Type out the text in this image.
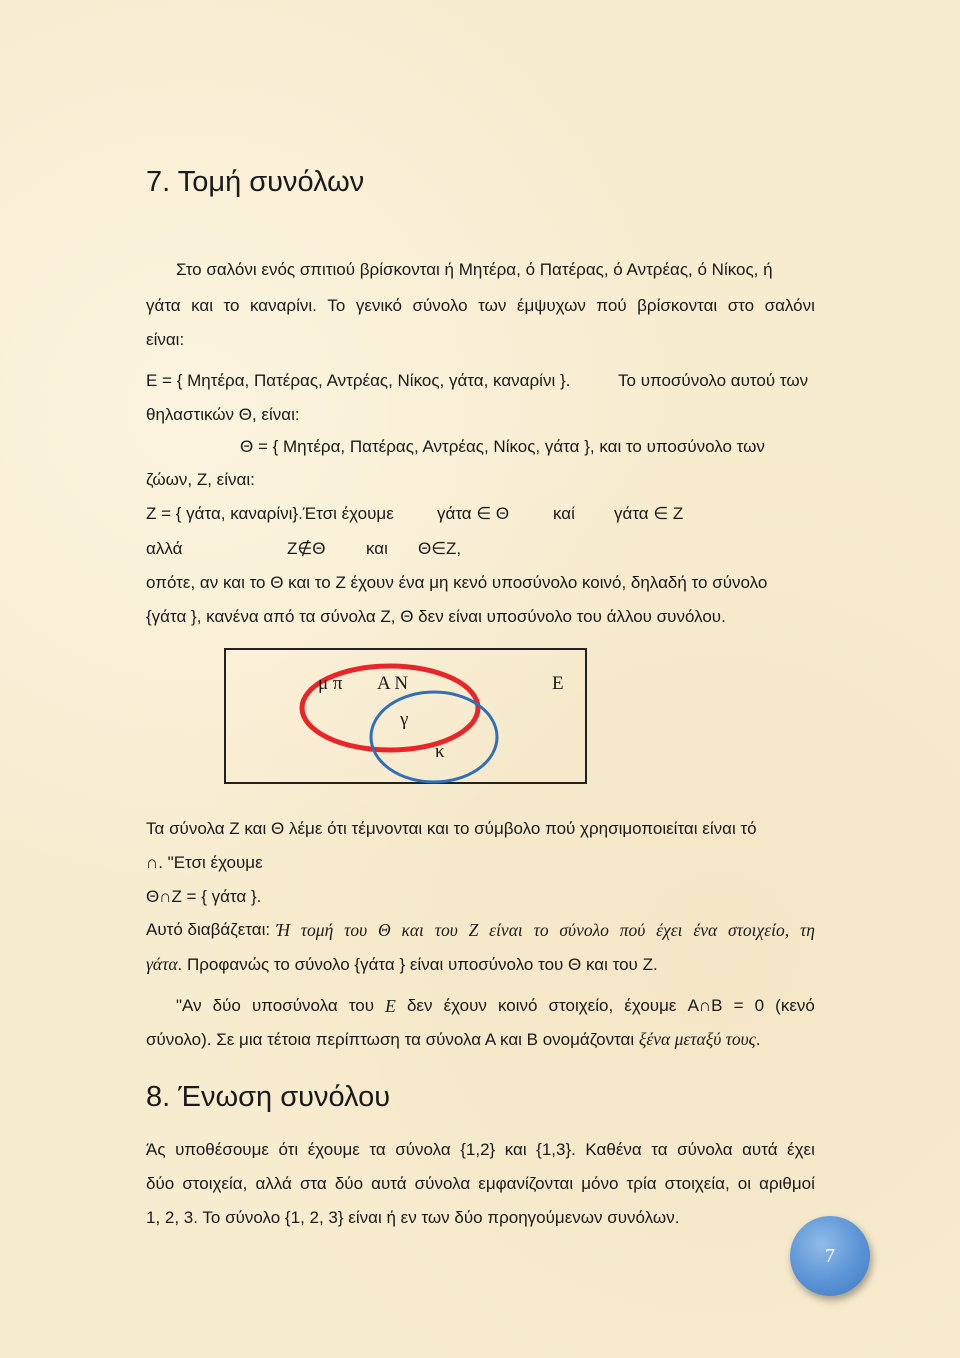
7. Τομή συνόλων
Στο σαλόνι ενός σπιτιού βρίσκονται ή Μητέρα, ό Πατέρας, ό Αντρέας, ό Νίκος, ή
γάτα και το καναρίνι. Το γενικό σύνολο των έμψυχων πού βρίσκονται στο σαλόνι
είναι:
E = { Μητέρα, Πατέρας, Αντρέας, Νίκος, γάτα, καναρίνι }.	Το υποσύνολο αυτού των
θηλαστικών Θ, είναι:
Θ = { Μητέρα, Πατέρας, Αντρέας, Νίκος, γάτα }, και το υποσύνολο των
ζώων, Ζ, είναι:
Ζ = { γάτα, καναρίνι}.Έτσι έχουμε	γάτα ∈ Θ	καί γάτα ∈ Ζ
αλλά	Ζ∉Θ και Θ∈Ζ,
οπότε, αν και το Θ και το Ζ έχουν ένα μη κενό υποσύνολο κοινό, δηλαδή το σύνολο
{γάτα }, κανένα από τα σύνολα Ζ, Θ δεν είναι υποσύνολο του άλλου συνόλου.
μ π Α Ν	Ε
γ
κ
Τα σύνολα Ζ και Θ λέμε ότι τέμνονται και το σύμβολο πού χρησιμοποιείται είναι τό
∩. "Ετσι έχουμε
Θ∩Ζ = { γάτα }.
Αυτό διαβάζεται: Ή τομή του Θ και του Ζ είναι το σύνολο πού έχει ένα στοιχείο, τη
γάτα. Προφανώς το σύνολο {γάτα } είναι υποσύνολο του Θ και του Ζ.
"Αν δύο υποσύνολα του Ε δεν έχουν κοινό στοιχείο, έχουμε Α∩Β = 0 (κενό
σύνολο). Σε μια τέτοια περίπτωση τα σύνολα Α και Β ονομάζονται ξένα μεταξύ τους.
8. Ένωση συνόλου
Άς υποθέσουμε ότι έχουμε τα σύνολα {1,2} και {1,3}. Καθένα τα σύνολα αυτά έχει
δύο στοιχεία, αλλά στα δύο αυτά σύνολα εμφανίζονται μόνο τρία στοιχεία, οι αριθμοί
1, 2, 3. Το σύνολο {1, 2, 3} είναι ή εν των δύο προηγούμενων συνόλων.
7
